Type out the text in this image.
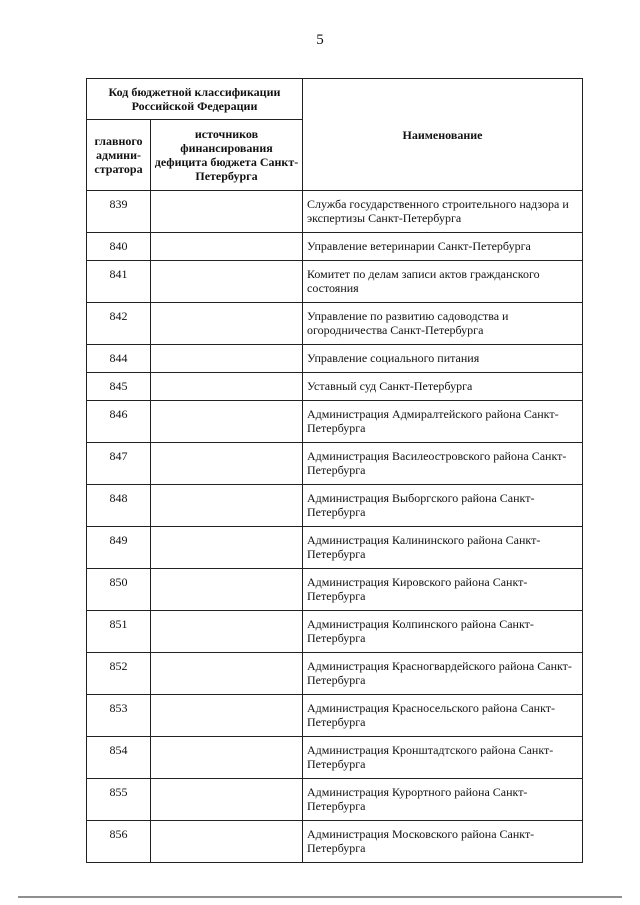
5
Код бюджетной классификации Российской Федерации		Наименование
главного админи-стратора	источников финансирования дефицита бюджета Санкт-Петербурга	
839		Служба государственного строительного надзора и экспертизы Санкт-Петербурга
840		Управление ветеринарии Санкт-Петербурга
841		Комитет по делам записи актов гражданского состояния
842		Управление по развитию садоводства и огородничества Санкт-Петербурга
844		Управление социального питания
845		Уставный суд Санкт-Петербурга
846		Администрация Адмиралтейского района Санкт-Петербурга
847		Администрация Василеостровского района Санкт-Петербурга
848		Администрация Выборгского района Санкт-Петербурга
849		Администрация Калининского района Санкт-Петербурга
850		Администрация Кировского района Санкт-Петербурга
851		Администрация Колпинского района Санкт-Петербурга
852		Администрация Красногвардейского района Санкт-Петербурга
853		Администрация Красносельского района Санкт-Петербурга
854		Администрация Кронштадтского района Санкт-Петербурга
855		Администрация Курортного района Санкт-Петербурга
856		Администрация Московского района Санкт-Петербурга
